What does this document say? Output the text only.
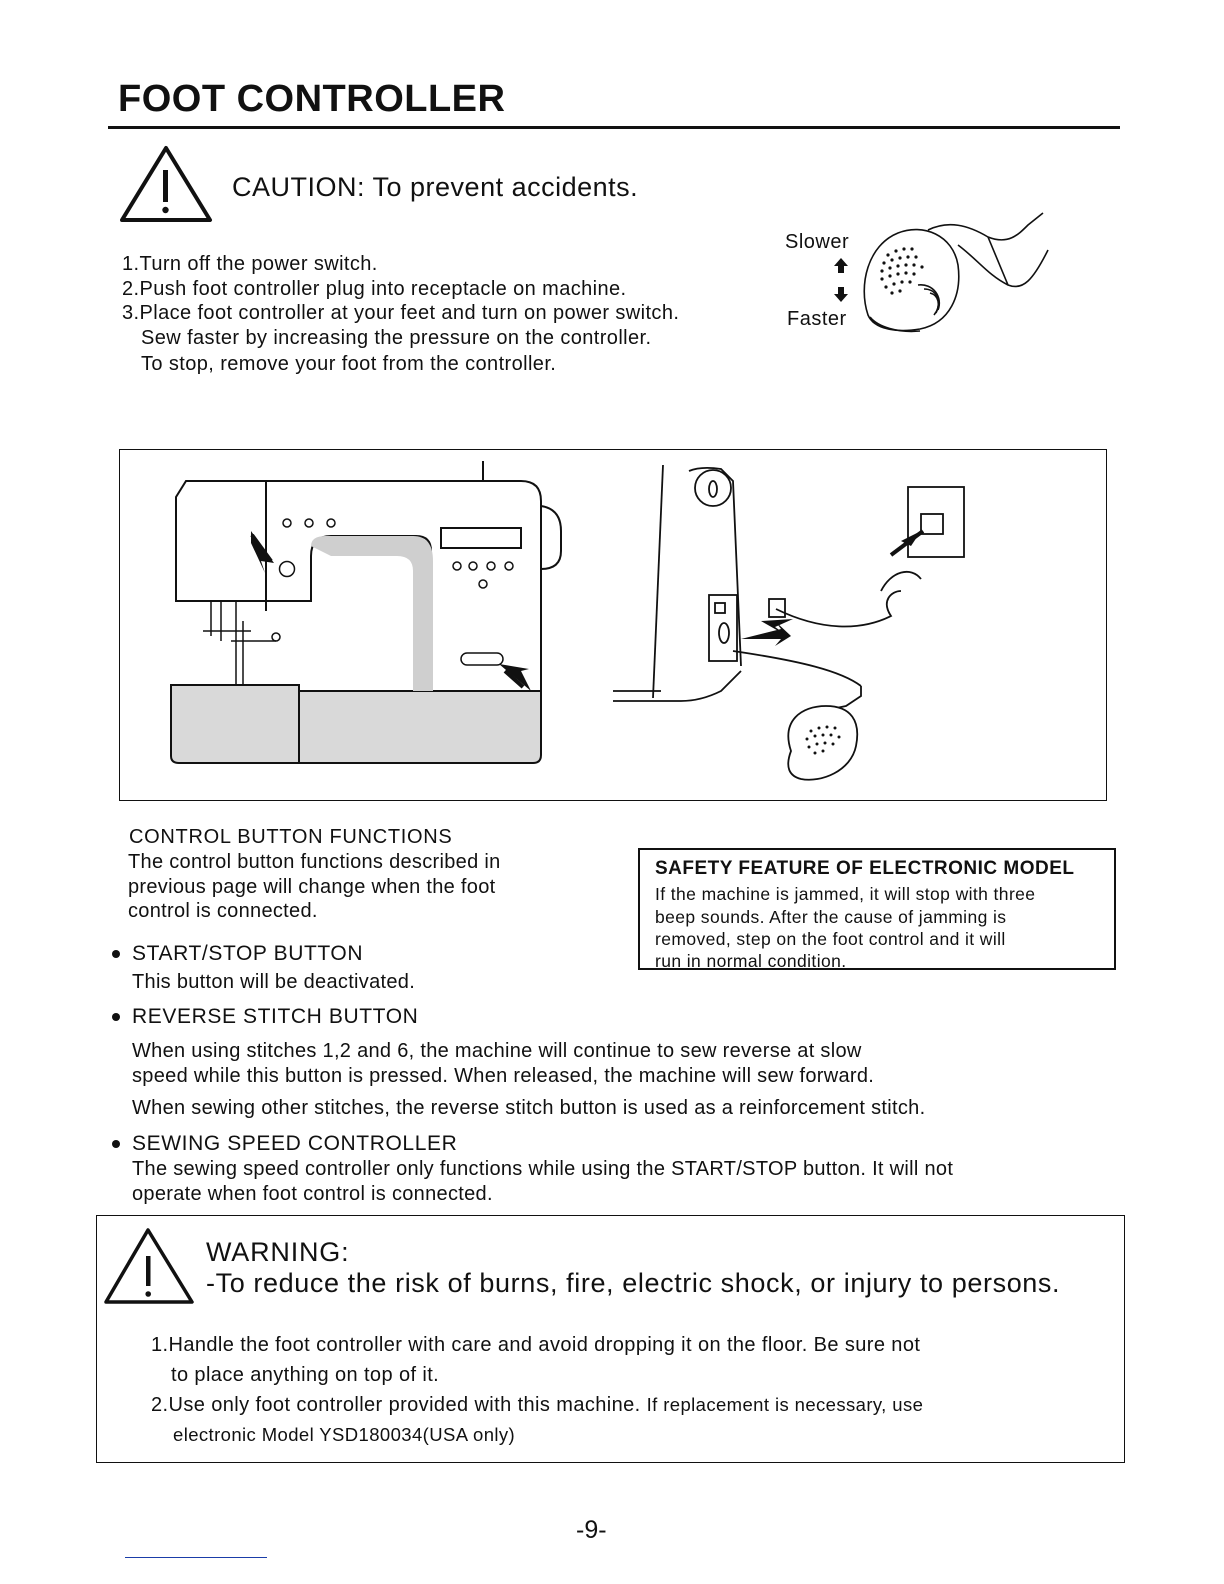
FOOT CONTROLLER
CAUTION: To prevent accidents.
1.Turn off the power switch.
2.Push foot controller plug into receptacle on machine.
3.Place foot controller at your feet and turn on power switch.
Sew faster by increasing the pressure on the controller.
To stop, remove your foot from the controller.
Slower
Faster
CONTROL BUTTON FUNCTIONS
The control button functions described in
previous page will change when the foot
control is connected.
START/STOP BUTTON
This button will be deactivated.
REVERSE STITCH BUTTON
When using stitches 1,2 and 6, the machine will continue to sew reverse at slow
speed while this button is pressed. When released, the machine will sew forward.
When sewing other stitches, the reverse stitch button is used as a reinforcement stitch.
SEWING SPEED CONTROLLER
The sewing speed controller only functions while using the START/STOP button. It will not
operate when foot control is connected.
SAFETY FEATURE OF ELECTRONIC MODEL
If the machine is jammed, it will stop with three
beep sounds. After the cause of jamming is
removed, step on the foot control and it will
run in normal condition.
WARNING:
-To reduce the risk of burns, fire, electric shock, or injury to persons.
1.Handle the foot controller with care and avoid dropping it on the floor. Be sure not
to place anything on top of it.
2.Use only foot controller provided with this machine. If replacement is necessary, use
electronic Model YSD180034(USA only)
-9-
